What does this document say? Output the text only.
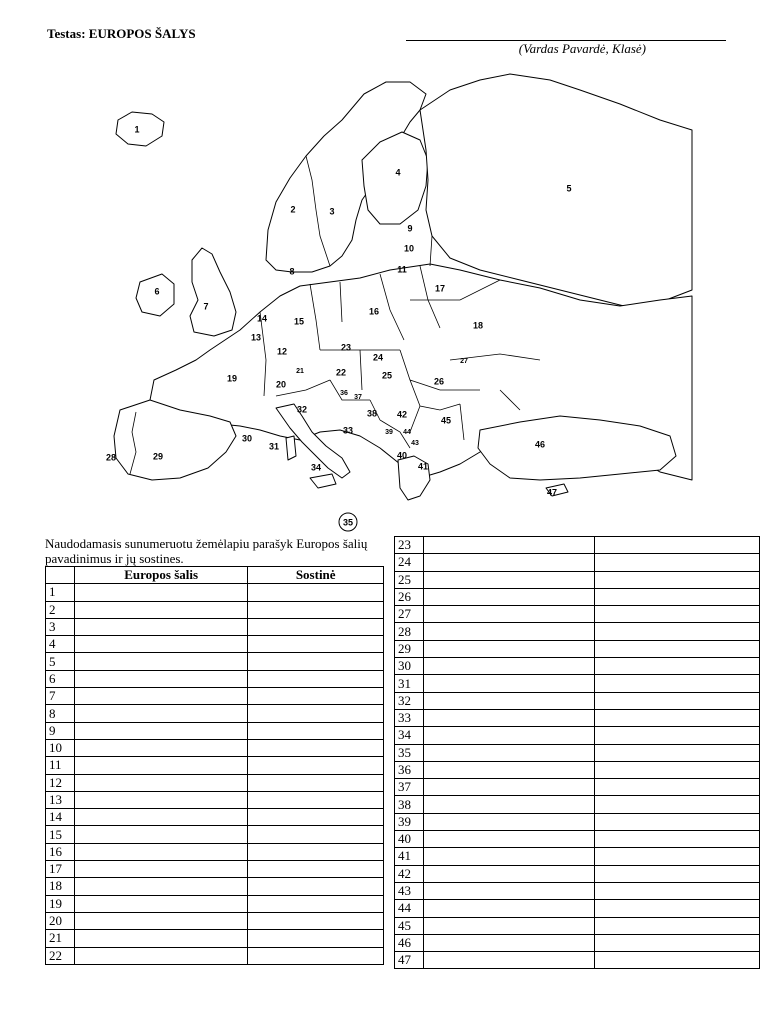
Testas: EUROPOS ŠALYS
(Vardas Pavardė, Klasė)
1
2	3
4
5
6
7
8
9
10
11
12
13
14	15
16
17
18
19
20
21	22
23
24
25
26
27
28	29
30
31
32
33
34
35
36
37
38
39
40
41
42
43
44
45
46
47
Naudodamasis sunumeruotu žemėlapiu parašyk Europos šalių pavadinimus ir jų sostines.
	Europos šalis	Sostinė
1		
2		
3		
4		
5		
6		
7		
8		
9		
10		
11		
12		
13		
14		
15		
16		
17		
18		
19		
20		
21		
22		
23		
24		
25		
26		
27		
28		
29		
30		
31		
32		
33		
34		
35		
36		
37		
38		
39		
40		
41		
42		
43		
44		
45		
46		
47		
